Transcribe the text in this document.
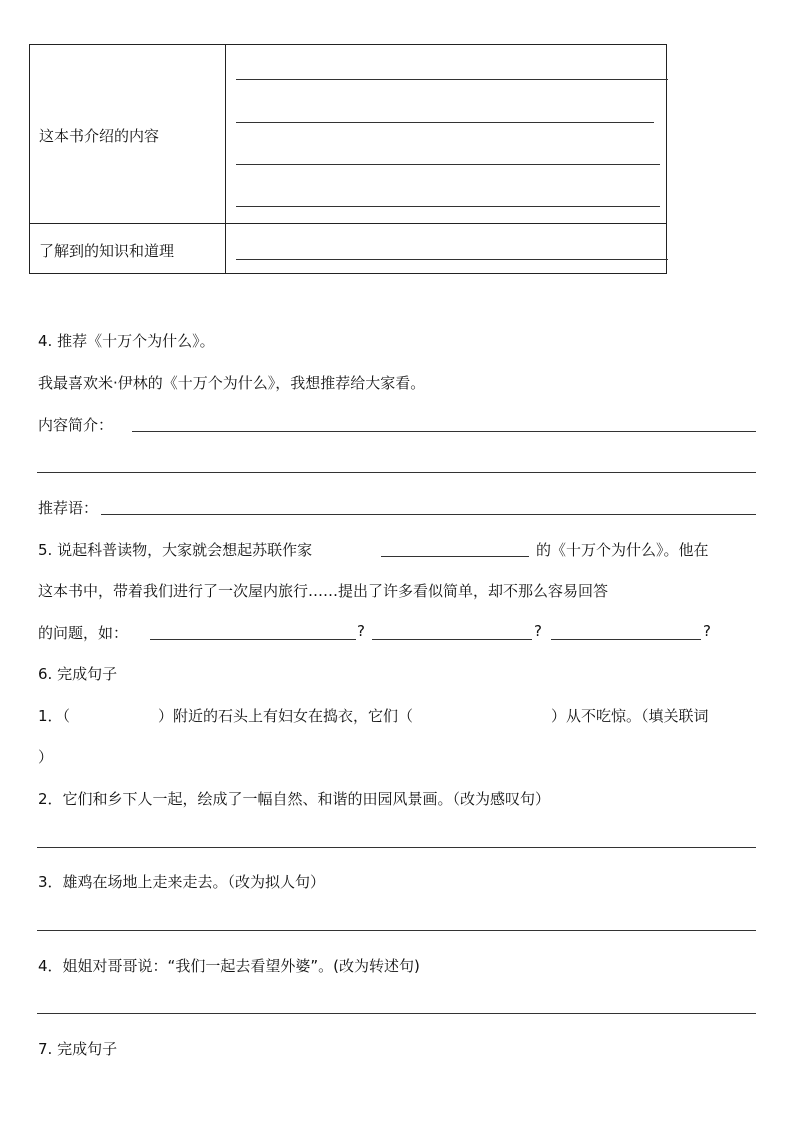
这本书介绍的内容
了解到的知识和道理
4. 推荐《十万个为什么》。
我最喜欢米·伊林的《十万个为什么》，我想推荐给大家看。
内容简介：
推荐语：
5. 说起科普读物，大家就会想起苏联作家	的《十万个为什么》。他在
这本书中，带着我们进行了一次屋内旅行……提出了许多看似简单，却不那么容易回答
的问题，如：	?	?	?
6. 完成句子
1．（	）附近的石头上有妇女在捣衣，它们（	）从不吃惊。（填关联词
）
2．它们和乡下人一起，绘成了一幅自然、和谐的田园风景画。（改为感叹句）
3．雄鸡在场地上走来走去。（改为拟人句）
4．姐姐对哥哥说：“我们一起去看望外婆”。(改为转述句)
7. 完成句子
